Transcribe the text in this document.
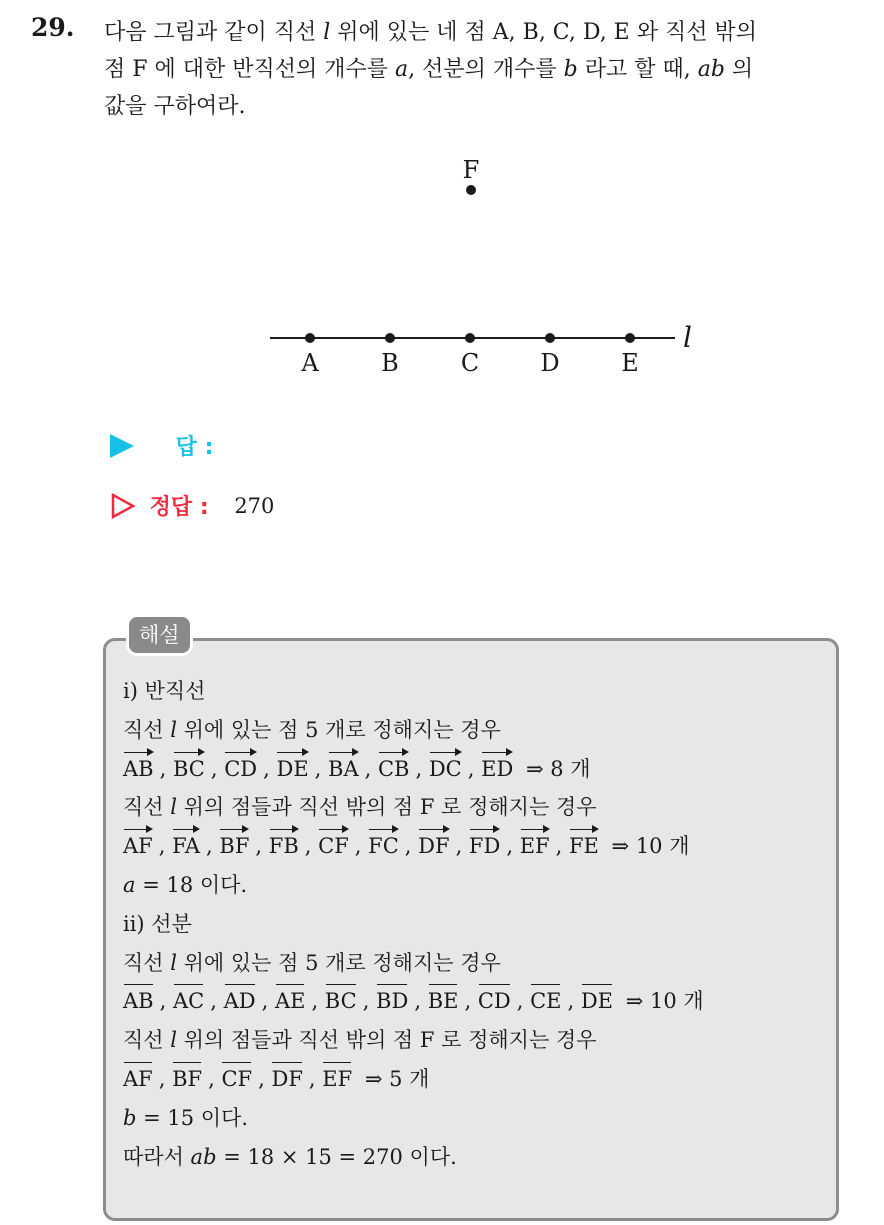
29. 다음 그림과 같이 직선 l 위에 있는 네 점 A, B, C, D, E 와 직선 밖의

점 F 에 대한 반직선의 개수를 a, 선분의 개수를 b 라고 할 때, ab 의

값을 구하여라.

l
A	B	C	D	E
F
답 :
정답 : 270
해설
ⅰ) 반직선
직선 l 위에 있는 점 5 개로 정해지는 경우
AB , BC , CD , DE , BA , CB , DC , ED ⇒ 8 개
직선 l 위의 점들과 직선 밖의 점 F 로 정해지는 경우
AF , FA , BF , FB , CF , FC , DF , FD , EF , FE ⇒ 10 개
a = 18 이다.
ⅱ) 선분
직선 l 위에 있는 점 5 개로 정해지는 경우
AB , AC , AD , AE , BC , BD , BE , CD , CE , DE ⇒ 10 개
직선 l 위의 점들과 직선 밖의 점 F 로 정해지는 경우
AF , BF , CF , DF , EF ⇒ 5 개
b = 15 이다.
따라서 ab = 18 × 15 = 270 이다.
